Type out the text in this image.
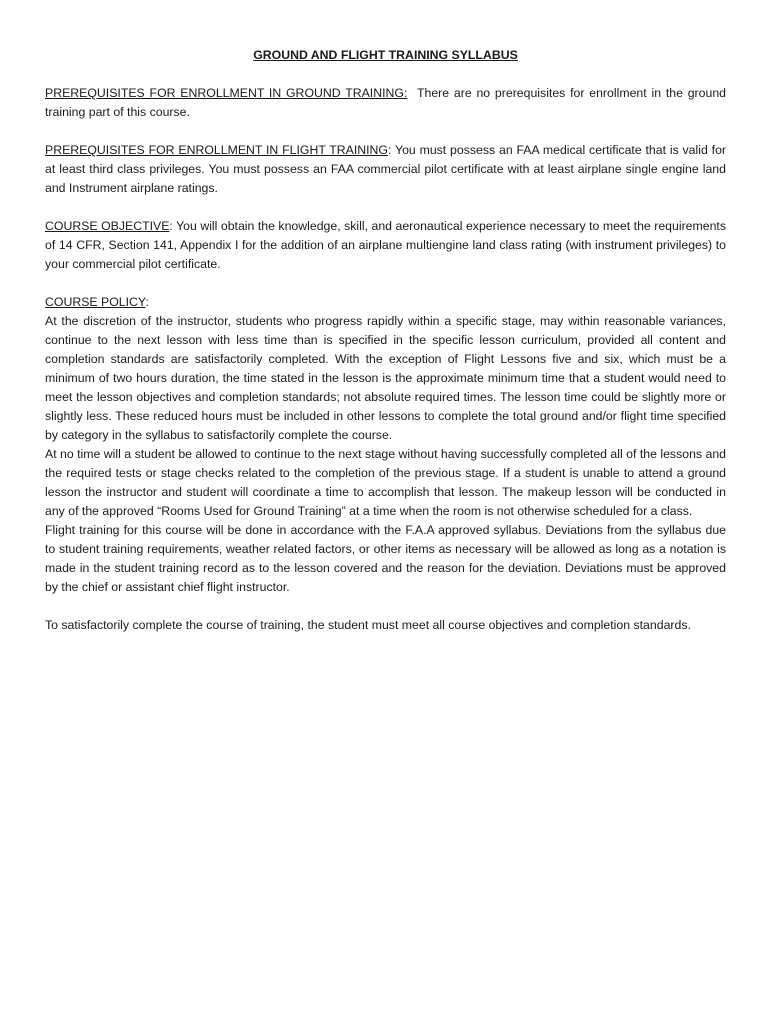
GROUND AND FLIGHT TRAINING SYLLABUS
PREREQUISITES FOR ENROLLMENT IN GROUND TRAINING: There are no prerequisites for enrollment in the ground training part of this course.
PREREQUISITES FOR ENROLLMENT IN FLIGHT TRAINING: You must possess an FAA medical certificate that is valid for at least third class privileges. You must possess an FAA commercial pilot certificate with at least airplane single engine land and Instrument airplane ratings.
COURSE OBJECTIVE: You will obtain the knowledge, skill, and aeronautical experience necessary to meet the requirements of 14 CFR, Section 141, Appendix I for the addition of an airplane multiengine land class rating (with instrument privileges) to your commercial pilot certificate.
COURSE POLICY:
At the discretion of the instructor, students who progress rapidly within a specific stage, may within reasonable variances, continue to the next lesson with less time than is specified in the specific lesson curriculum, provided all content and completion standards are satisfactorily completed. With the exception of Flight Lessons five and six, which must be a minimum of two hours duration, the time stated in the lesson is the approximate minimum time that a student would need to meet the lesson objectives and completion standards; not absolute required times. The lesson time could be slightly more or slightly less. These reduced hours must be included in other lessons to complete the total ground and/or flight time specified by category in the syllabus to satisfactorily complete the course.
At no time will a student be allowed to continue to the next stage without having successfully completed all of the lessons and the required tests or stage checks related to the completion of the previous stage. If a student is unable to attend a ground lesson the instructor and student will coordinate a time to accomplish that lesson. The makeup lesson will be conducted in any of the approved “Rooms Used for Ground Training” at a time when the room is not otherwise scheduled for a class.
Flight training for this course will be done in accordance with the F.A.A approved syllabus. Deviations from the syllabus due to student training requirements, weather related factors, or other items as necessary will be allowed as long as a notation is made in the student training record as to the lesson covered and the reason for the deviation. Deviations must be approved by the chief or assistant chief flight instructor.
To satisfactorily complete the course of training, the student must meet all course objectives and completion standards.
